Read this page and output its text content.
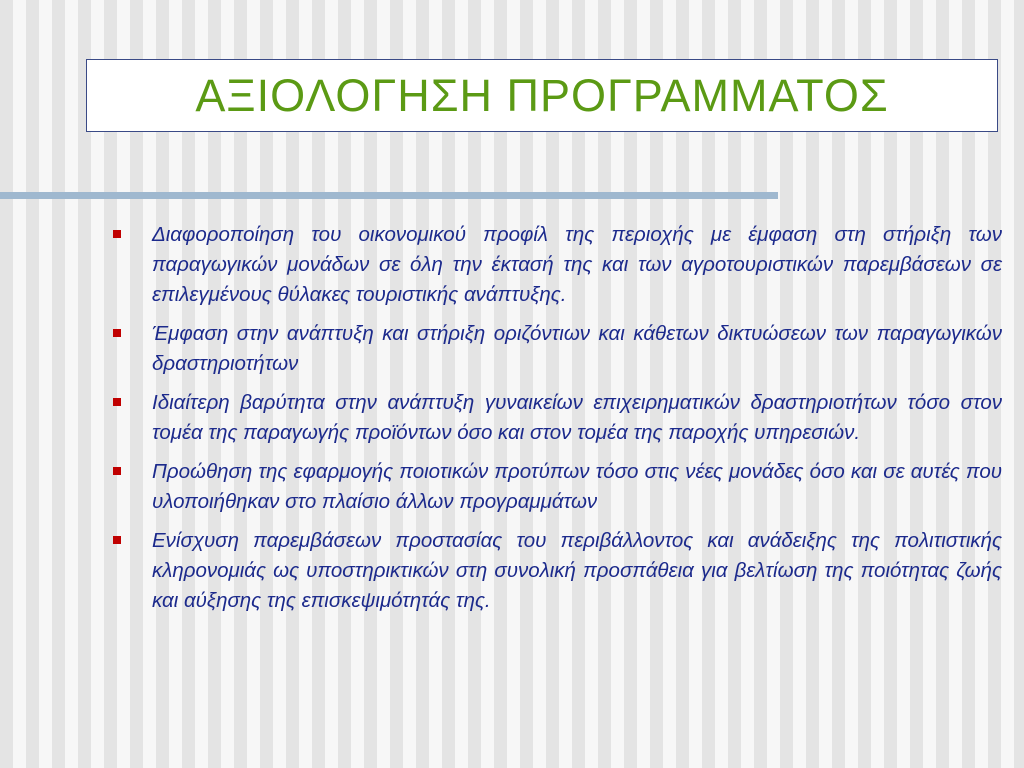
ΑΞΙΟΛΟΓΗΣΗ ΠΡΟΓΡΑΜΜΑΤΟΣ
Διαφοροποίηση του οικονομικού προφίλ της περιοχής με έμφαση στη στήριξη των παραγωγικών μονάδων σε όλη την έκτασή της και των αγροτουριστικών παρεμβάσεων σε επιλεγμένους θύλακες τουριστικής ανάπτυξης.
Έμφαση στην ανάπτυξη και στήριξη οριζόντιων και κάθετων δικτυώσεων των παραγωγικών δραστηριοτήτων
Ιδιαίτερη βαρύτητα στην ανάπτυξη γυναικείων επιχειρηματικών δραστηριοτήτων τόσο στον τομέα της παραγωγής προϊόντων όσο και στον τομέα της παροχής υπηρεσιών.
Προώθηση της εφαρμογής ποιοτικών προτύπων τόσο στις νέες μονάδες όσο και σε αυτές που υλοποιήθηκαν στο πλαίσιο άλλων προγραμμάτων
Ενίσχυση παρεμβάσεων προστασίας του περιβάλλοντος και ανάδειξης της πολιτιστικής κληρονομιάς ως υποστηρικτικών στη συνολική προσπάθεια για βελτίωση της ποιότητας ζωής και αύξησης της επισκεψιμότητάς της.
